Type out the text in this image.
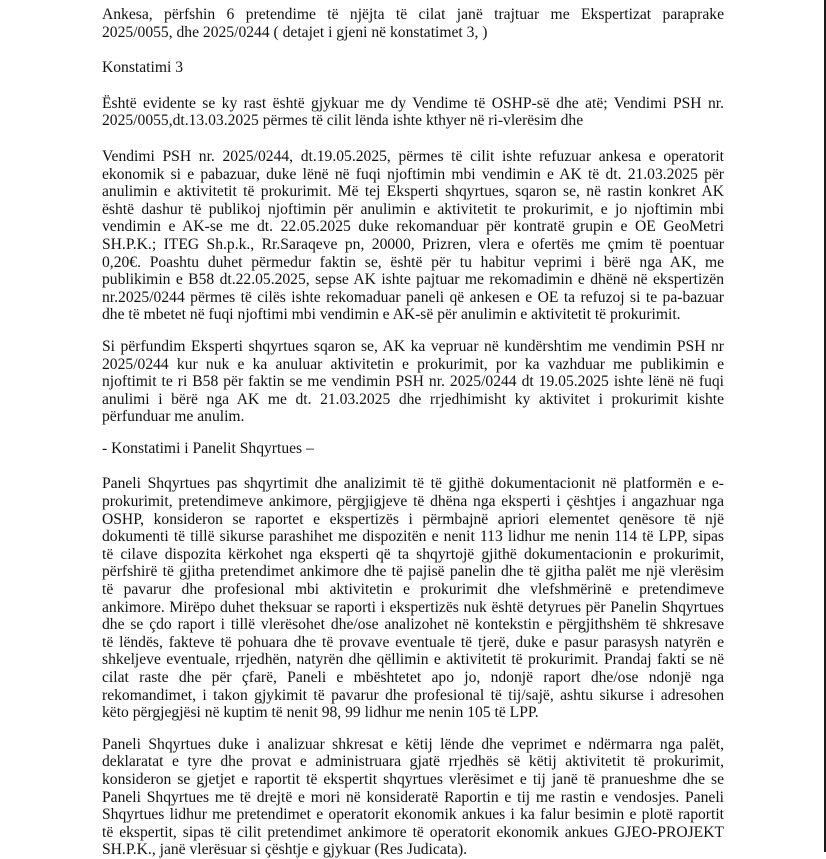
Ankesa, përfshin 6 pretendime të njëjta të cilat janë trajtuar me Ekspertizat paraprake
2025/0055, dhe 2025/0244 ( detajet i gjeni në konstatimet 3, )

Konstatimi 3

Është evidente se ky rast është gjykuar me dy Vendime të OSHP-së dhe atë; Vendimi PSH nr.
2025/0055,dt.13.03.2025 përmes të cilit lënda ishte kthyer në ri-vlerësim dhe

Vendimi PSH nr. 2025/0244, dt.19.05.2025, përmes të cilit ishte refuzuar ankesa e operatorit
ekonomik si e pabazuar, duke lënë në fuqi njoftimin mbi vendimin e AK të dt. 21.03.2025 për
anulimin e aktivitetit të prokurimit. Më tej Eksperti shqyrtues, sqaron se, në rastin konkret AK
është dashur të publikoj njoftimin për anulimin e aktivitetit te prokurimit, e jo njoftimin mbi
vendimin e AK-se me dt. 22.05.2025 duke rekomanduar për kontratë grupin e OE GeoMetri
SH.P.K.; ITEG Sh.p.k., Rr.Saraqeve pn, 20000, Prizren, vlera e ofertës me çmim të poentuar
0,20€. Poashtu duhet përmedur faktin se, është për tu habitur veprimi i bërë nga AK, me
publikimin e B58 dt.22.05.2025, sepse AK ishte pajtuar me rekomadimin e dhënë në ekspertizën
nr.2025/0244 përmes të cilës ishte rekomaduar paneli që ankesen e OE ta refuzoj si te pa-bazuar
dhe të mbetet në fuqi njoftimi mbi vendimin e AK-së për anulimin e aktivitetit të prokurimit.

Si përfundim Eksperti shqyrtues sqaron se, AK ka vepruar në kundërshtim me vendimin PSH nr
2025/0244 kur nuk e ka anuluar aktivitetin e prokurimit, por ka vazhduar me publikimin e
njoftimit te ri B58 për faktin se me vendimin PSH nr. 2025/0244 dt 19.05.2025 ishte lënë në fuqi
anulimi i bërë nga AK me dt. 21.03.2025 dhe rrjedhimisht ky aktivitet i prokurimit kishte
përfunduar me anulim.

- Konstatimi i Panelit Shqyrtues –

Paneli Shqyrtues pas shqyrtimit dhe analizimit të të gjithë dokumentacionit në platformën e e-
prokurimit, pretendimeve ankimore, përgjigjeve të dhëna nga eksperti i çështjes i angazhuar nga
OSHP, konsideron se raportet e ekspertizës i përmbajnë apriori elementet qenësore të një
dokumenti të tillë sikurse parashihet me dispozitën e nenit 113 lidhur me nenin 114 të LPP, sipas
të cilave dispozita kërkohet nga eksperti që ta shqyrtojë gjithë dokumentacionin e prokurimit,
përfshirë të gjitha pretendimet ankimore dhe të pajisë panelin dhe të gjitha palët me një vlerësim
të pavarur dhe profesional mbi aktivitetin e prokurimit dhe vlefshmërinë e pretendimeve
ankimore. Mirëpo duhet theksuar se raporti i ekspertizës nuk është detyrues për Panelin Shqyrtues
dhe se çdo raport i tillë vlerësohet dhe/ose analizohet në kontekstin e përgjithshëm të shkresave
të lëndës, fakteve të pohuara dhe të provave eventuale të tjerë, duke e pasur parasysh natyrën e
shkeljeve eventuale, rrjedhën, natyrën dhe qëllimin e aktivitetit të prokurimit. Prandaj fakti se në
cilat raste dhe për çfarë, Paneli e mbështetet apo jo, ndonjë raport dhe/ose ndonjë nga
rekomandimet, i takon gjykimit të pavarur dhe profesional të tij/sajë, ashtu sikurse i adresohen
këto përgjegjësi në kuptim të nenit 98, 99 lidhur me nenin 105 të LPP.

Paneli Shqyrtues duke i analizuar shkresat e këtij lënde dhe veprimet e ndërmarra nga palët,
deklaratat e tyre dhe provat e administruara gjatë rrjedhës së këtij aktivitetit të prokurimit,
konsideron se gjetjet e raportit të ekspertit shqyrtues vlerësimet e tij janë të pranueshme dhe se
Paneli Shqyrtues me të drejtë e mori në konsideratë Raportin e tij me rastin e vendosjes. Paneli
Shqyrtues lidhur me pretendimet e operatorit ekonomik ankues i ka falur besimin e plotë raportit
të ekspertit, sipas të cilit pretendimet ankimore të operatorit ekonomik ankues GJEO-PROJEKT
SH.P.K., janë vlerësuar si çështje e gjykuar (Res Judicata).
